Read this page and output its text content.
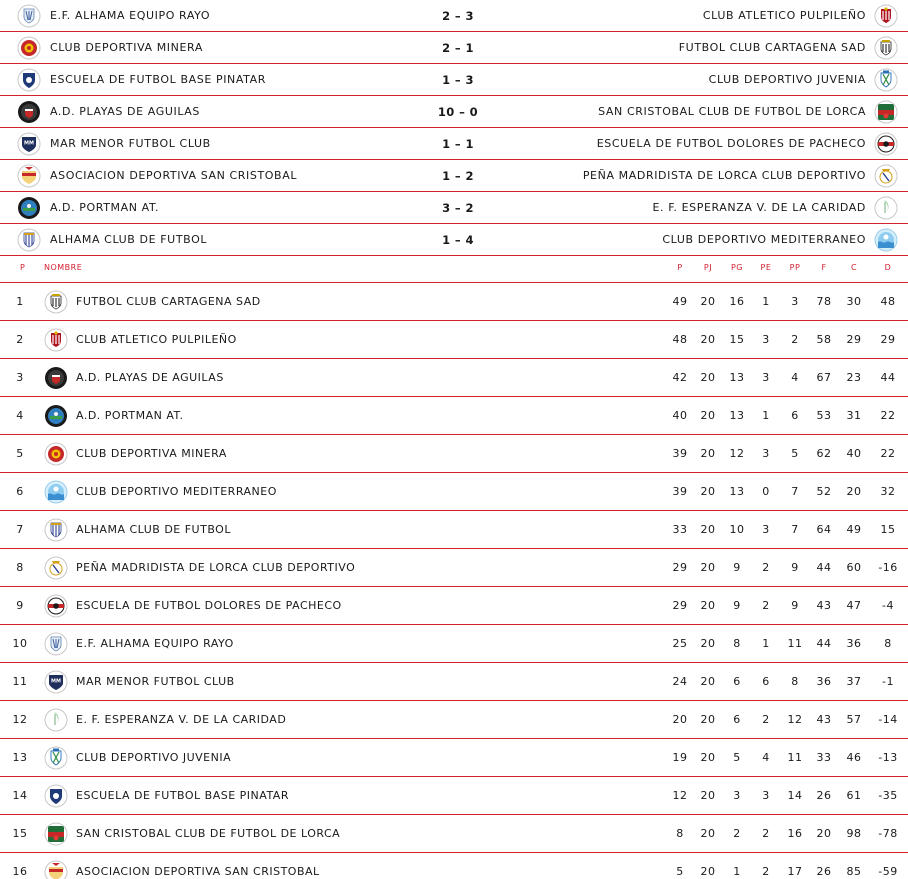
E.F. ALHAMA EQUIPO RAYO	2 – 3	CLUB ATLETICO PULPILEÑO
CLUB DEPORTIVA MINERA	2 – 1	FUTBOL CLUB CARTAGENA SAD
ESCUELA DE FUTBOL BASE PINATAR	1 – 3	CLUB DEPORTIVO JUVENIA
A.D. PLAYAS DE AGUILAS	10 – 0	SAN CRISTOBAL CLUB DE FUTBOL DE LORCA
MM MAR MENOR FUTBOL CLUB	1 – 1	ESCUELA DE FUTBOL DOLORES DE PACHECO
ASOCIACION DEPORTIVA SAN CRISTOBAL	1 – 2	PEÑA MADRIDISTA DE LORCA CLUB DEPORTIVO
A.D. PORTMAN AT.	3 – 2	E. F. ESPERANZA V. DE LA CARIDAD
ALHAMA CLUB DE FUTBOL	1 – 4	CLUB DEPORTIVO MEDITERRANEO
P NOMBRE	P	PJ	PG	PE	PP	F	C	D
1	FUTBOL CLUB CARTAGENA SAD	49	20	16	1	3	78	30	48
2	CLUB ATLETICO PULPILEÑO	48	20	15	3	2	58	29	29
3	A.D. PLAYAS DE AGUILAS	42	20	13	3	4	67	23	44
4	A.D. PORTMAN AT.	40	20	13	1	6	53	31	22
5	CLUB DEPORTIVA MINERA	39	20	12	3	5	62	40	22
6	CLUB DEPORTIVO MEDITERRANEO	39	20	13	0	7	52	20	32
7	ALHAMA CLUB DE FUTBOL	33	20	10	3	7	64	49	15
8	PEÑA MADRIDISTA DE LORCA CLUB DEPORTIVO	29	20	9	2	9	44	60	-16
9	ESCUELA DE FUTBOL DOLORES DE PACHECO	29	20	9	2	9	43	47	-4
10	E.F. ALHAMA EQUIPO RAYO	25	20	8	1	11	44	36	8
11	MM MAR MENOR FUTBOL CLUB	24	20	6	6	8	36	37	-1
12	E. F. ESPERANZA V. DE LA CARIDAD	20	20	6	2	12	43	57	-14
13	CLUB DEPORTIVO JUVENIA	19	20	5	4	11	33	46	-13
14	ESCUELA DE FUTBOL BASE PINATAR	12	20	3	3	14	26	61	-35
15	SAN CRISTOBAL CLUB DE FUTBOL DE LORCA	8	20	2	2	16	20	98	-78
16	ASOCIACION DEPORTIVA SAN CRISTOBAL	5	20	1	2	17	26	85	-59
